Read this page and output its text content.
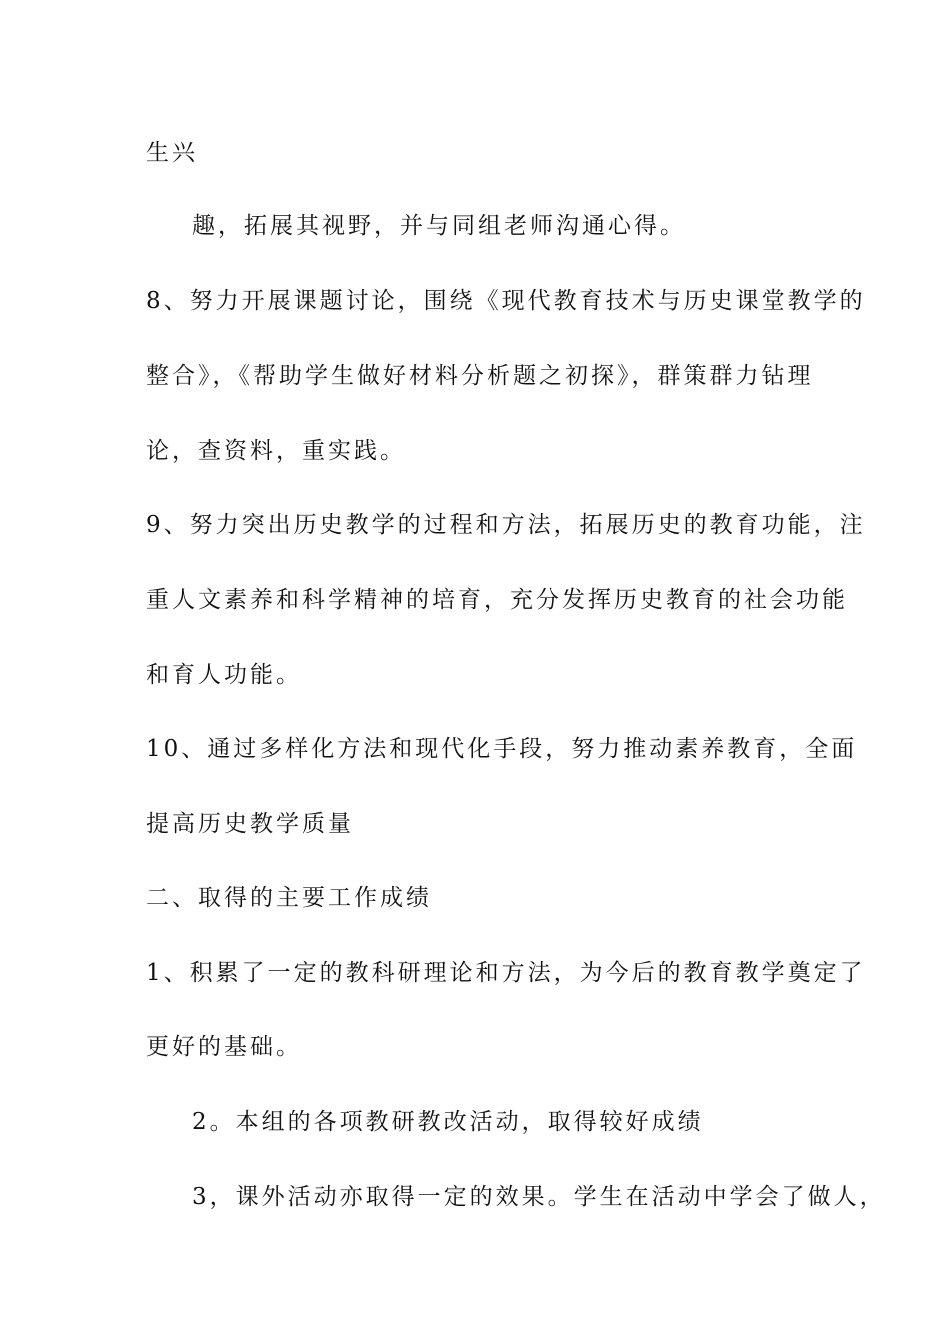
生兴

趣，拓展其视野，并与同组老师沟通心得。

8、努力开展课题讨论，围绕《现代教育技术与历史课堂教学的

整合》，《帮助学生做好材料分析题之初探》，群策群力钻理

论，查资料，重实践。

9、努力突出历史教学的过程和方法，拓展历史的教育功能，注

重人文素养和科学精神的培育，充分发挥历史教育的社会功能

和育人功能。

10、通过多样化方法和现代化手段，努力推动素养教育，全面

提高历史教学质量

二、取得的主要工作成绩

1、积累了一定的教科研理论和方法，为今后的教育教学奠定了

更好的基础。

2。本组的各项教研教改活动，取得较好成绩

3，课外活动亦取得一定的效果。学生在活动中学会了做人，
